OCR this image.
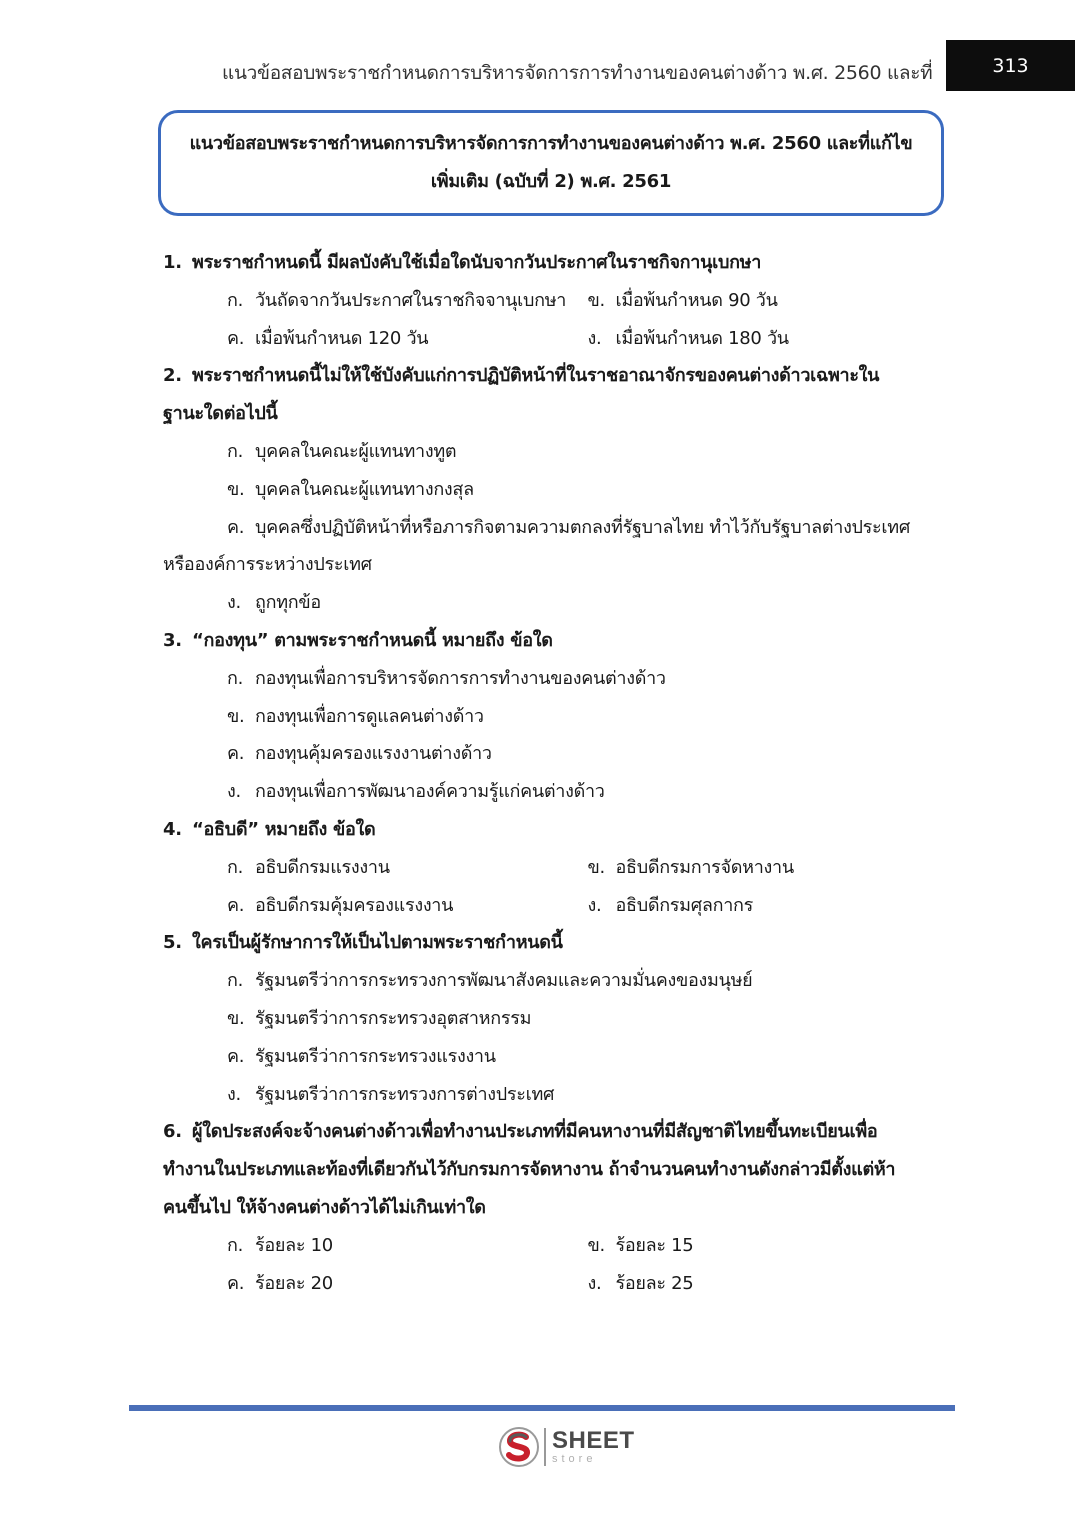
แนวข้อสอบพระราชกำหนดการบริหารจัดการการทำงานของคนต่างด้าว พ.ศ. 2560 และที่	313
แนวข้อสอบพระราชกำหนดการบริหารจัดการการทำงานของคนต่างด้าว พ.ศ. 2560 และที่แก้ไข
เพิ่มเติม (ฉบับที่ 2) พ.ศ. 2561
1. พระราชกำหนดนี้ มีผลบังคับใช้เมื่อใดนับจากวันประกาศในราชกิจกานุเบกษา
ก. วันถัดจากวันประกาศในราชกิจจานุเบกษา	ข. เมื่อพ้นกำหนด 90 วัน
ค. เมื่อพ้นกำหนด 120 วัน	ง. เมื่อพ้นกำหนด 180 วัน
2. พระราชกำหนดนี้ไม่ให้ใช้บังคับแก่การปฏิบัติหน้าที่ในราชอาณาจักรของคนต่างด้าวเฉพาะใน
ฐานะใดต่อไปนี้
ก. บุคคลในคณะผู้แทนทางทูต
ข. บุคคลในคณะผู้แทนทางกงสุล
ค. บุคคลซึ่งปฏิบัติหน้าที่หรือภารกิจตามความตกลงที่รัฐบาลไทย ทำไว้กับรัฐบาลต่างประเทศ
หรือองค์การระหว่างประเทศ
ง. ถูกทุกข้อ
3. “กองทุน” ตามพระราชกำหนดนี้ หมายถึง ข้อใด
ก. กองทุนเพื่อการบริหารจัดการการทำงานของคนต่างด้าว
ข. กองทุนเพื่อการดูแลคนต่างด้าว
ค. กองทุนคุ้มครองแรงงานต่างด้าว
ง. กองทุนเพื่อการพัฒนาองค์ความรู้แก่คนต่างด้าว
4. “อธิบดี” หมายถึง ข้อใด
ก. อธิบดีกรมแรงงาน	ข. อธิบดีกรมการจัดหางาน
ค. อธิบดีกรมคุ้มครองแรงงาน	ง. อธิบดีกรมศุลกากร
5. ใครเป็นผู้รักษาการให้เป็นไปตามพระราชกำหนดนี้
ก. รัฐมนตรีว่าการกระทรวงการพัฒนาสังคมและความมั่นคงของมนุษย์
ข. รัฐมนตรีว่าการกระทรวงอุตสาหกรรม
ค. รัฐมนตรีว่าการกระทรวงแรงงาน
ง. รัฐมนตรีว่าการกระทรวงการต่างประเทศ
6. ผู้ใดประสงค์จะจ้างคนต่างด้าวเพื่อทำงานประเภทที่มีคนหางานที่มีสัญชาติไทยขึ้นทะเบียนเพื่อ
ทำงานในประเภทและท้องที่เดียวกันไว้กับกรมการจัดหางาน ถ้าจำนวนคนทำงานดังกล่าวมีตั้งแต่ห้า
คนขึ้นไป ให้จ้างคนต่างด้าวได้ไม่เกินเท่าใด
ก. ร้อยละ 10	ข. ร้อยละ 15
ค. ร้อยละ 20	ง. ร้อยละ 25
SHEET
store
